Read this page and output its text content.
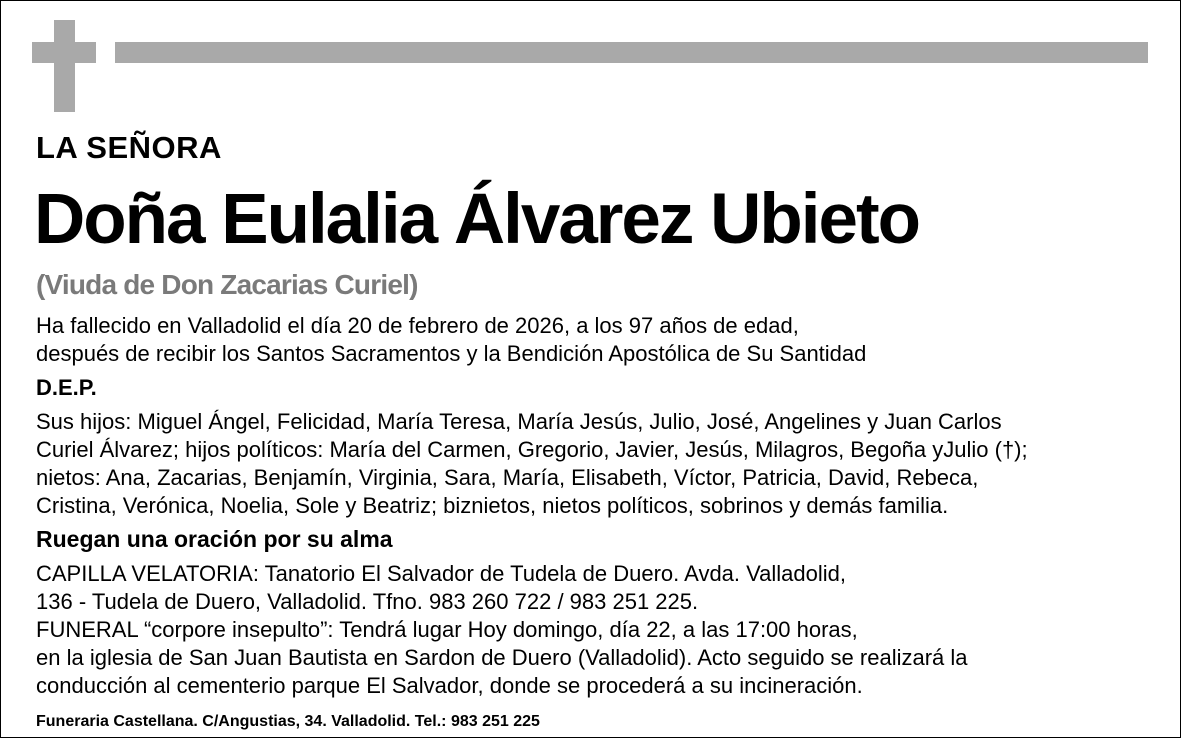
LA SEÑORA
Doña Eulalia Álvarez Ubieto
(Viuda de Don Zacarias Curiel)
Ha fallecido en Valladolid el día 20 de febrero de 2026, a los 97 años de edad,
después de recibir los Santos Sacramentos y la Bendición Apostólica de Su Santidad
D.E.P.
Sus hijos: Miguel Ángel, Felicidad, María Teresa, María Jesús, Julio, José, Angelines y Juan Carlos
Curiel Álvarez; hijos políticos: María del Carmen, Gregorio, Javier, Jesús, Milagros, Begoña yJulio (†);
nietos: Ana, Zacarias, Benjamín, Virginia, Sara, María, Elisabeth, Víctor, Patricia, David, Rebeca,
Cristina, Verónica, Noelia, Sole y Beatriz; biznietos, nietos políticos, sobrinos y demás familia.
Ruegan una oración por su alma
CAPILLA VELATORIA: Tanatorio El Salvador de Tudela de Duero. Avda. Valladolid,
136 - Tudela de Duero, Valladolid. Tfno. 983 260 722 / 983 251 225.
FUNERAL “corpore insepulto”: Tendrá lugar Hoy domingo, día 22, a las 17:00 horas,
en la iglesia de San Juan Bautista en Sardon de Duero (Valladolid). Acto seguido se realizará la
conducción al cementerio parque El Salvador, donde se procederá a su incineración.
Funeraria Castellana. C/Angustias, 34. Valladolid. Tel.: 983 251 225
